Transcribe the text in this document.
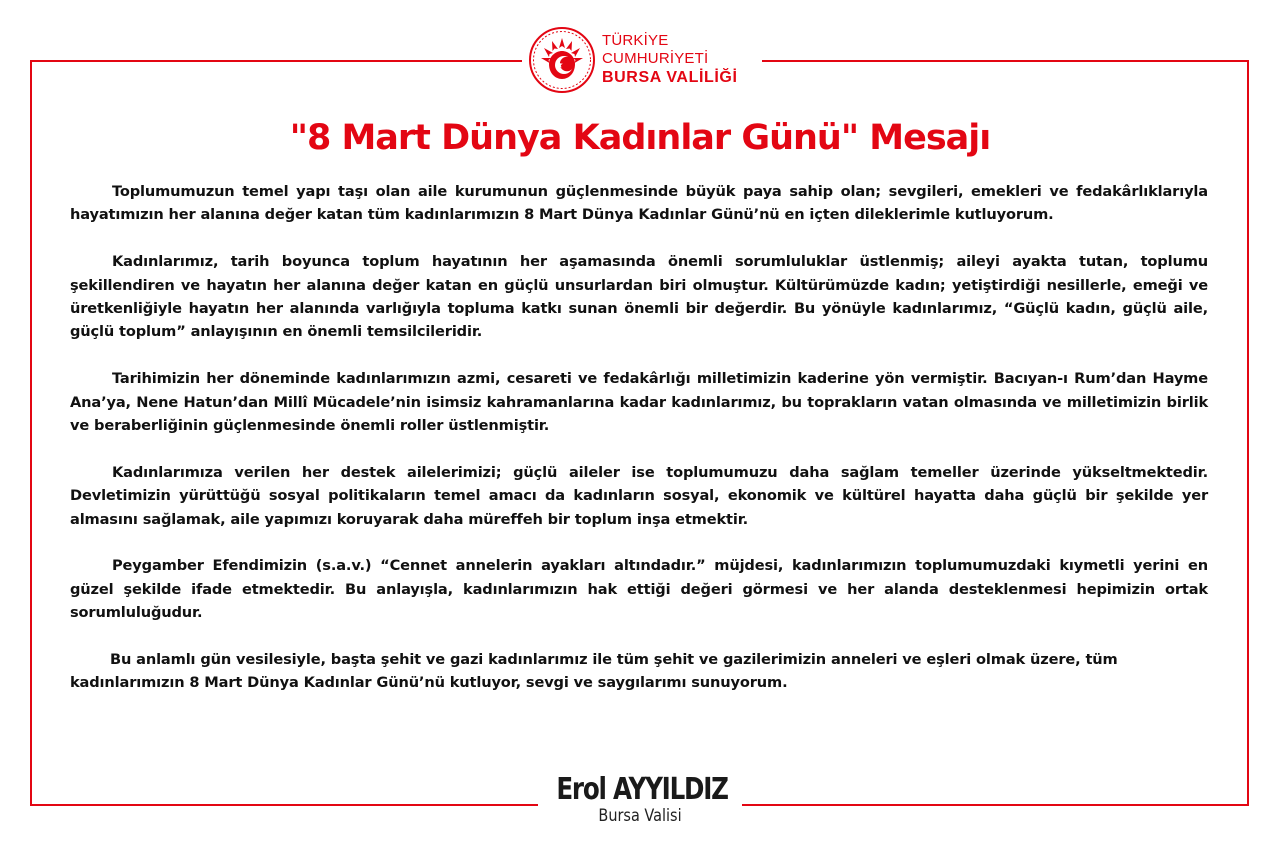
TÜRKİYE CUMHURİYETİ
BURSA VALİLİĞİ
"8 Mart Dünya Kadınlar Günü" Mesajı

Toplumumuzun temel yapı taşı olan aile kurumunun güçlenmesinde büyük paya sahip olan; sevgileri, emekleri ve fedakârlıklarıyla hayatımızın her alanına değer katan tüm kadınlarımızın 8 Mart Dünya Kadınlar Günü’nü en içten dileklerimle kutluyorum.

Kadınlarımız, tarih boyunca toplum hayatının her aşamasında önemli sorumluluklar üstlenmiş; aileyi ayakta tutan, toplumu şekillendiren ve hayatın her alanına değer katan en güçlü unsurlardan biri olmuştur. Kültürümüzde kadın; yetiştirdiği nesillerle, emeği ve üretkenliğiyle hayatın her alanında varlığıyla topluma katkı sunan önemli bir değerdir. Bu yönüyle kadınlarımız, “Güçlü kadın, güçlü aile, güçlü toplum” anlayışının en önemli temsilcileridir.

Tarihimizin her döneminde kadınlarımızın azmi, cesareti ve fedakârlığı milletimizin kaderine yön vermiştir. Bacıyan-ı Rum’dan Hayme Ana’ya, Nene Hatun’dan Millî Mücadele’nin isimsiz kahramanlarına kadar kadınlarımız, bu toprakların vatan olmasında ve milletimizin birlik ve beraberliğinin güçlenmesinde önemli roller üstlenmiştir.

Kadınlarımıza verilen her destek ailelerimizi; güçlü aileler ise toplumumuzu daha sağlam temeller üzerinde yükseltmektedir. Devletimizin yürüttüğü sosyal politikaların temel amacı da kadınların sosyal, ekonomik ve kültürel hayatta daha güçlü bir şekilde yer almasını sağlamak, aile yapımızı koruyarak daha müreffeh bir toplum inşa etmektir.

Peygamber Efendimizin (s.a.v.) “Cennet annelerin ayakları altındadır.” müjdesi, kadınlarımızın toplumumuzdaki kıymetli yerini en güzel şekilde ifade etmektedir. Bu anlayışla, kadınlarımızın hak ettiği değeri görmesi ve her alanda desteklenmesi hepimizin ortak sorumluluğudur.

Bu anlamlı gün vesilesiyle, başta şehit ve gazi kadınlarımız ile tüm şehit ve gazilerimizin anneleri ve eşleri olmak üzere, tüm kadınlarımızın 8 Mart Dünya Kadınlar Günü’nü kutluyor, sevgi ve saygılarımı sunuyorum.

Erol AYYILDIZ
Bursa Valisi
